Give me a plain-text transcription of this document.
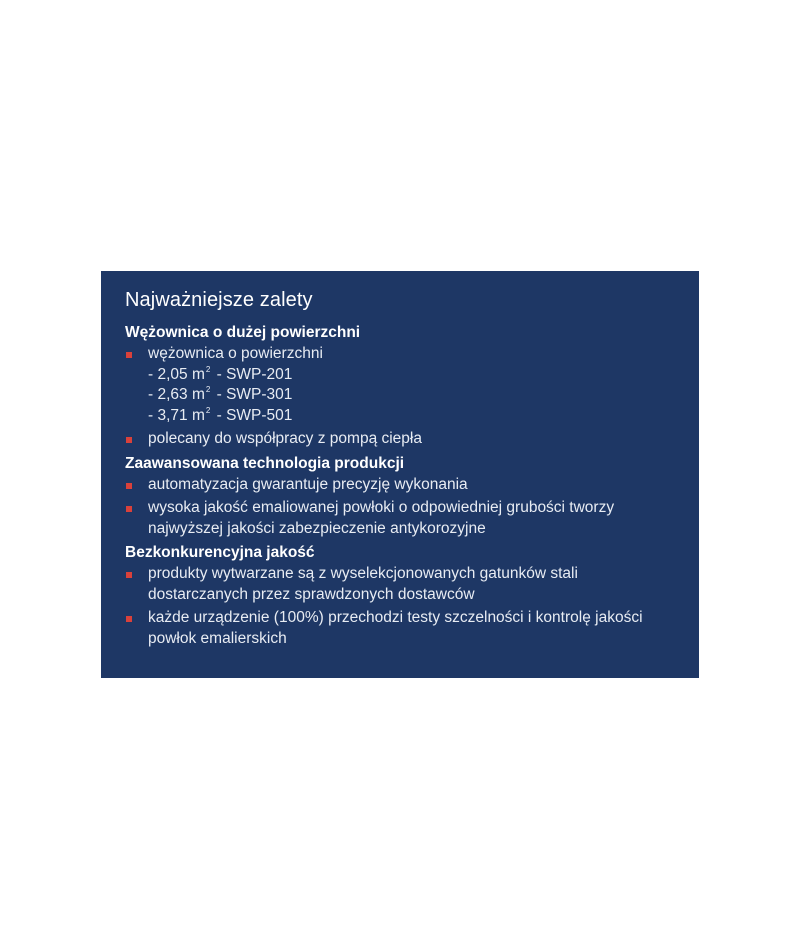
Najważniejsze zalety
Wężownica o dużej powierzchni
wężownica o powierzchni
- 2,05 $m^2 - SWP-201$
- 2,63 $m^2 - SWP-301$
- 3,71 $m^2 - SWP-501$
polecany do współpracy z pompą ciepła
Zaawansowana technologia produkcji
automatyzacja gwarantuje precyzję wykonania
wysoka jakość emaliowanej powłoki o odpowiedniej grubości tworzy najwyższej jakości zabezpieczenie antykorozyjne
Bezkonkurencyjna jakość
produkty wytwarzane są z wyselekcjonowanych gatunków stali dostarczanych przez sprawdzonych dostawców
każde urządzenie (100%) przechodzi testy szczelności i kontrolę jakości powłok emalierskich
